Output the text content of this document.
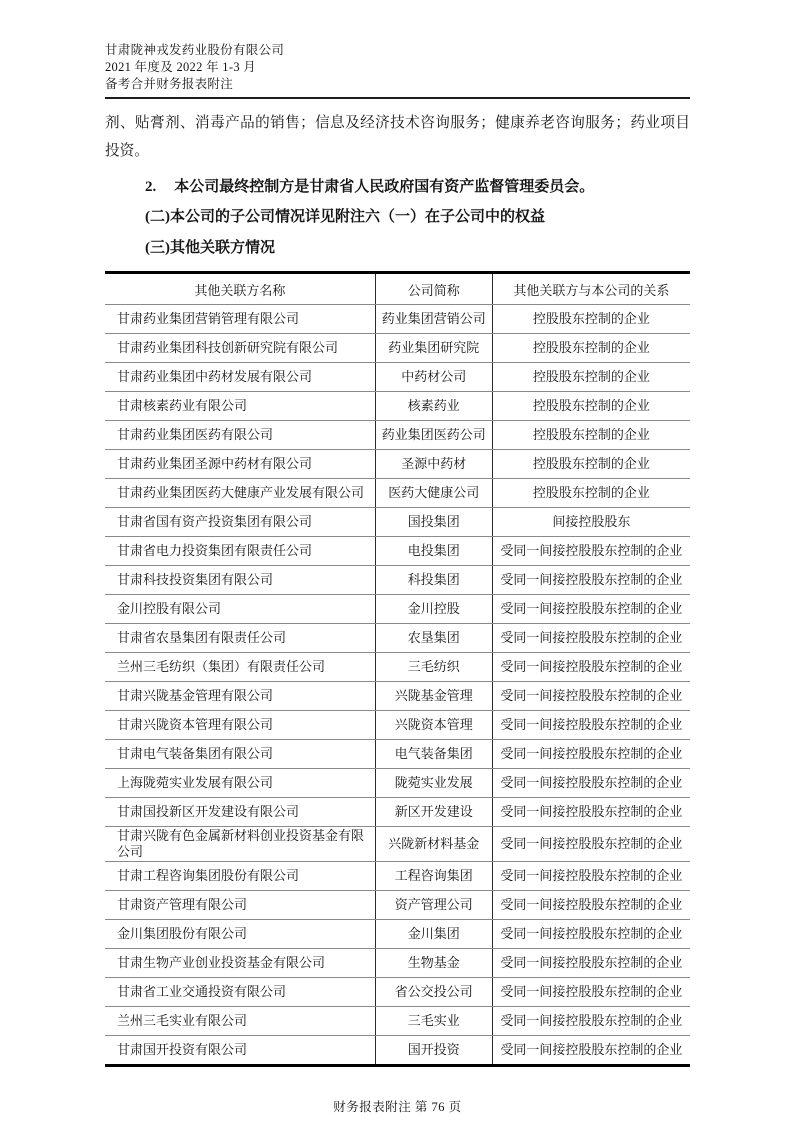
甘肃陇神戎发药业股份有限公司
2021 年度及 2022 年 1-3 月
备考合并财务报表附注

剂、贴膏剂、消毒产品的销售；信息及经济技术咨询服务；健康养老咨询服务；药业项目投资。

2. 本公司最终控制方是甘肃省人民政府国有资产监督管理委员会。

(二)本公司的子公司情况详见附注六（一）在子公司中的权益

(三)其他关联方情况

其他关联方名称	公司简称	其他关联方与本公司的关系
甘肃药业集团营销管理有限公司	药业集团营销公司	控股股东控制的企业
甘肃药业集团科技创新研究院有限公司	药业集团研究院	控股股东控制的企业
甘肃药业集团中药材发展有限公司	中药材公司	控股股东控制的企业
甘肃核素药业有限公司	核素药业	控股股东控制的企业
甘肃药业集团医药有限公司	药业集团医药公司	控股股东控制的企业
甘肃药业集团圣源中药材有限公司	圣源中药材	控股股东控制的企业
甘肃药业集团医药大健康产业发展有限公司	医药大健康公司	控股股东控制的企业
甘肃省国有资产投资集团有限公司	国投集团	间接控股股东
甘肃省电力投资集团有限责任公司	电投集团	受同一间接控股股东控制的企业
甘肃科技投资集团有限公司	科投集团	受同一间接控股股东控制的企业
金川控股有限公司	金川控股	受同一间接控股股东控制的企业
甘肃省农垦集团有限责任公司	农垦集团	受同一间接控股股东控制的企业
兰州三毛纺织（集团）有限责任公司	三毛纺织	受同一间接控股股东控制的企业
甘肃兴陇基金管理有限公司	兴陇基金管理	受同一间接控股股东控制的企业
甘肃兴陇资本管理有限公司	兴陇资本管理	受同一间接控股股东控制的企业
甘肃电气装备集团有限公司	电气装备集团	受同一间接控股股东控制的企业
上海陇菀实业发展有限公司	陇菀实业发展	受同一间接控股股东控制的企业
甘肃国投新区开发建设有限公司	新区开发建设	受同一间接控股股东控制的企业
甘肃兴陇有色金属新材料创业投资基金有限公司	兴陇新材料基金	受同一间接控股股东控制的企业
甘肃工程咨询集团股份有限公司	工程咨询集团	受同一间接控股股东控制的企业
甘肃资产管理有限公司	资产管理公司	受同一间接控股股东控制的企业
金川集团股份有限公司	金川集团	受同一间接控股股东控制的企业
甘肃生物产业创业投资基金有限公司	生物基金	受同一间接控股股东控制的企业
甘肃省工业交通投资有限公司	省公交投公司	受同一间接控股股东控制的企业
兰州三毛实业有限公司	三毛实业	受同一间接控股股东控制的企业
甘肃国开投资有限公司	国开投资	受同一间接控股股东控制的企业
财务报表附注 第 76 页
